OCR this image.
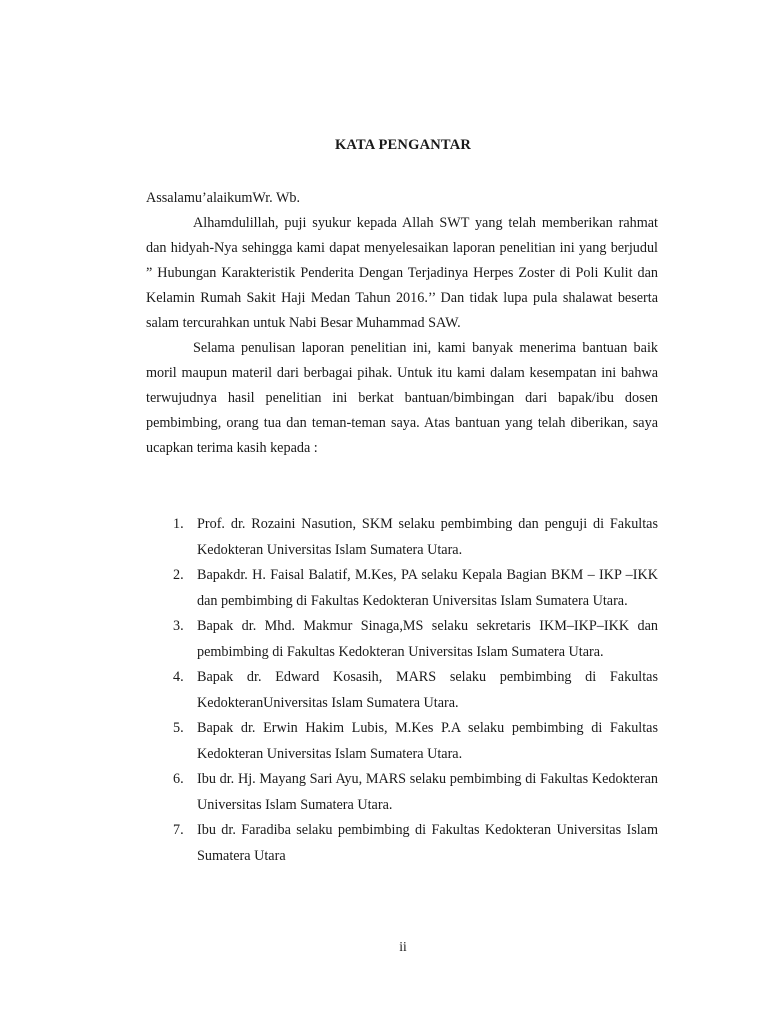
KATA PENGANTAR

Assalamu’alaikumWr. Wb.

Alhamdulillah, puji syukur kepada Allah SWT yang telah memberikan rahmat dan hidyah-Nya sehingga kami dapat menyelesaikan laporan penelitian ini yang berjudul ” Hubungan Karakteristik Penderita Dengan Terjadinya Herpes Zoster di Poli Kulit dan Kelamin Rumah Sakit Haji Medan Tahun 2016.’’ Dan tidak lupa pula shalawat beserta salam tercurahkan untuk Nabi Besar Muhammad SAW.

Selama penulisan laporan penelitian ini, kami banyak menerima bantuan baik moril maupun materil dari berbagai pihak. Untuk itu kami dalam kesempatan ini bahwa terwujudnya hasil penelitian ini berkat bantuan/bimbingan dari bapak/ibu dosen pembimbing, orang tua dan teman-teman saya. Atas bantuan yang telah diberikan, saya ucapkan terima kasih kepada :

1. Prof. dr. Rozaini Nasution, SKM selaku pembimbing dan penguji di Fakultas Kedokteran Universitas Islam Sumatera Utara.
2. Bapakdr. H. Faisal Balatif, M.Kes, PA selaku Kepala Bagian BKM – IKP –IKK dan pembimbing di Fakultas Kedokteran Universitas Islam Sumatera Utara.
3. Bapak dr. Mhd. Makmur Sinaga,MS selaku sekretaris IKM–IKP–IKK dan pembimbing di Fakultas Kedokteran Universitas Islam Sumatera Utara.
4. Bapak dr. Edward Kosasih, MARS selaku pembimbing di Fakultas KedokteranUniversitas Islam Sumatera Utara.
5. Bapak dr. Erwin Hakim Lubis, M.Kes P.A selaku pembimbing di Fakultas Kedokteran Universitas Islam Sumatera Utara.
6. Ibu dr. Hj. Mayang Sari Ayu, MARS selaku pembimbing di Fakultas Kedokteran Universitas Islam Sumatera Utara.
7. Ibu dr. Faradiba selaku pembimbing di Fakultas Kedokteran Universitas Islam Sumatera Utara
ii
